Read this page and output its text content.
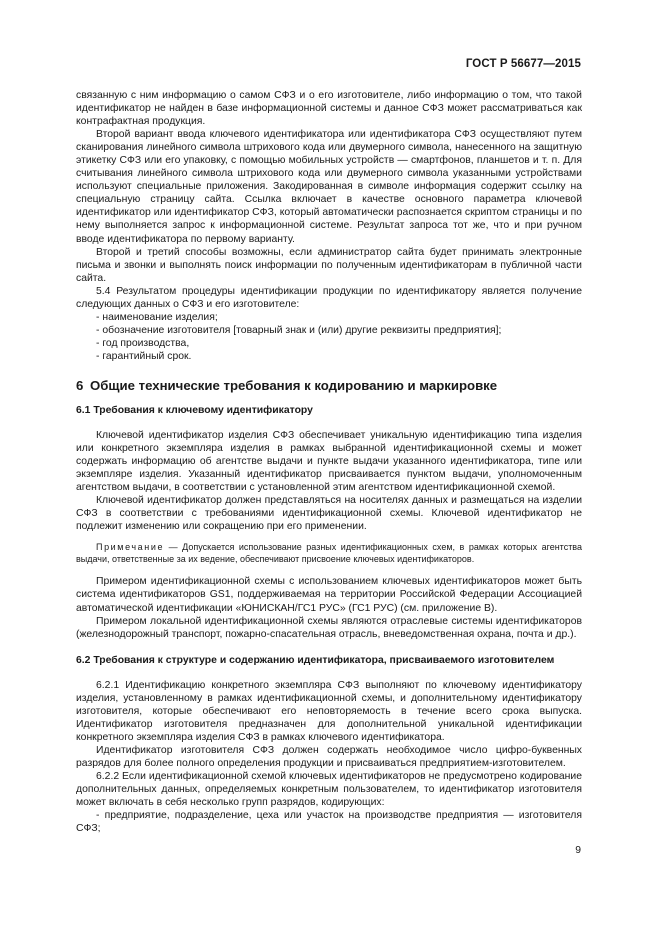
ГОСТ Р 56677—2015

связанную с ним информацию о самом СФЗ и о его изготовителе, либо информацию о том, что такой идентификатор не найден в базе информационной системы и данное СФЗ может рассматриваться как контрафактная продукция.

Второй вариант ввода ключевого идентификатора или идентификатора СФЗ осуществляют путем сканирования линейного символа штрихового кода или двумерного символа, нанесенного на защитную этикетку СФЗ или его упаковку, с помощью мобильных устройств — смартфонов, планшетов и т. п. Для считывания линейного символа штрихового кода или двумерного символа указанными устройствами используют специальные приложения. Закодированная в символе информация содержит ссылку на специальную страницу сайта. Ссылка включает в качестве основного параметра ключевой идентификатор или идентификатор СФЗ, который автоматически распознается скриптом страницы и по нему выполняется запрос к информационной системе. Результат запроса тот же, что и при ручном вводе идентификатора по первому варианту.

Второй и третий способы возможны, если администратор сайта будет принимать электронные письма и звонки и выполнять поиск информации по полученным идентификаторам в публичной части сайта.

5.4 Результатом процедуры идентификации продукции по идентификатору является получение следующих данных о СФЗ и его изготовителе:

- наименование изделия;

- обозначение изготовителя [товарный знак и (или) другие реквизиты предприятия];

- год производства,

- гарантийный срок.

6 Общие технические требования к кодированию и маркировке

6.1 Требования к ключевому идентификатору

Ключевой идентификатор изделия СФЗ обеспечивает уникальную идентификацию типа изделия или конкретного экземпляра изделия в рамках выбранной идентификационной схемы и может содержать информацию об агентстве выдачи и пункте выдачи указанного идентификатора, типе или экземпляре изделия. Указанный идентификатор присваивается пунктом выдачи, уполномоченным агентством выдачи, в соответствии с установленной этим агентством идентификационной схемой.

Ключевой идентификатор должен представляться на носителях данных и размещаться на изделии СФЗ в соответствии с требованиями идентификационной схемы. Ключевой идентификатор не подлежит изменению или сокращению при его применении.

Примечание — Допускается использование разных идентификационных схем, в рамках которых агентства выдачи, ответственные за их ведение, обеспечивают присвоение ключевых идентификаторов.

Примером идентификационной схемы с использованием ключевых идентификаторов может быть система идентификаторов GS1, поддерживаемая на территории Российской Федерации Ассоциацией автоматической идентификации «ЮНИСКАН/ГС1 РУС» (ГС1 РУС) (см. приложение В).

Примером локальной идентификационной схемы являются отраслевые системы идентификаторов (железнодорожный транспорт, пожарно-спасательная отрасль, вневедомственная охрана, почта и др.).

6.2 Требования к структуре и содержанию идентификатора, присваиваемого изготовителем

6.2.1 Идентификацию конкретного экземпляра СФЗ выполняют по ключевому идентификатору изделия, установленному в рамках идентификационной схемы, и дополнительному идентификатору изготовителя, которые обеспечивают его неповторяемость в течение всего срока выпуска. Идентификатор изготовителя предназначен для дополнительной уникальной идентификации конкретного экземпляра изделия СФЗ в рамках ключевого идентификатора.

Идентификатор изготовителя СФЗ должен содержать необходимое число цифро-буквенных разрядов для более полного определения продукции и присваиваться предприятием-изготовителем.

6.2.2 Если идентификационной схемой ключевых идентификаторов не предусмотрено кодирование дополнительных данных, определяемых конкретным пользователем, то идентификатор изготовителя может включать в себя несколько групп разрядов, кодирующих:

- предприятие, подразделение, цеха или участок на производстве предприятия — изготовителя СФЗ;

9
